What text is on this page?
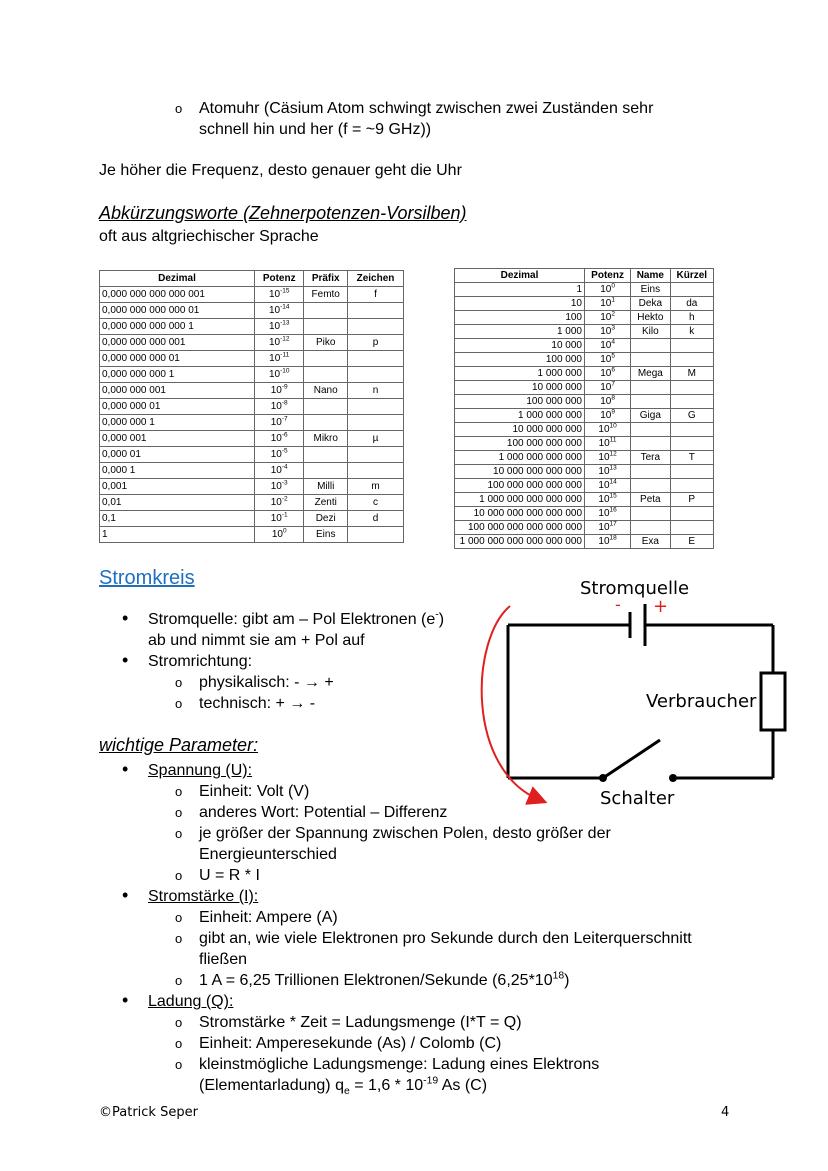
o Atomuhr (Cäsium Atom schwingt zwischen zwei Zuständen sehr
schnell hin und her (f = ~9 GHz))
Je höher die Frequenz, desto genauer geht die Uhr
Abkürzungsworte (Zehnerpotenzen-Vorsilben)
oft aus altgriechischer Sprache
Dezimal	Potenz	Präfix	Zeichen
0,000 000 000 000 001	$10^{-15}$	Femto	f
0,000 000 000 000 01	$10^{-14}$		
0,000 000 000 000 1	$10^{-13}$		
0,000 000 000 001	$10^{-12}$	Piko	p
0,000 000 000 01	$10^{-11}$		
0,000 000 000 1	$10^{-10}$		
0,000 000 001	$10^{-9}$	Nano	n
0,000 000 01	$10^{-8}$		
0,000 000 1	$10^{-7}$		
0,000 001	$10^{-6}$	Mikro	µ
0,000 01	$10^{-5}$		
0,000 1	$10^{-4}$		
0,001	$10^{-3}$	Milli	m
0,01	$10^{-2}$	Zenti	c
0,1	$10^{-1}$	Dezi	d
1	$10^0$	Eins	
Dezimal	Potenz	Name	Kürzel
1	$10^0$	Eins	
10	$10^1$	Deka	da
100	$10^2$	Hekto	h
1 000	$10^3$	Kilo	k
10 000	$10^4$		
100 000	$10^5$		
1 000 000	$10^6$	Mega	M
10 000 000	$10^7$		
100 000 000	$10^8$		
1 000 000 000	$10^9$	Giga	G
10 000 000 000	$10^{10}$		
100 000 000 000	$10^{11}$		
1 000 000 000 000	$10^{12}$	Tera	T
10 000 000 000 000	$10^{13}$		
100 000 000 000 000	$10^{14}$		
1 000 000 000 000 000	$10^{15}$	Peta	P
10 000 000 000 000 000	$10^{16}$		
100 000 000 000 000 000	$10^{17}$		
1 000 000 000 000 000 000	$10^{18}$	Exa	E
Stromkreis
• Stromquelle: gibt am – Pol Elektronen (e-)
ab und nimmt sie am + Pol auf
• Stromrichtung:
o physikalisch: - → +
o technisch: + → -
Stromquelle
- +
Verbraucher
Schalter
wichtige Parameter:
• Spannung (U):
o Einheit: Volt (V)
o anderes Wort: Potential – Differenz
o je größer der Spannung zwischen Polen, desto größer der
Energieunterschied
o U = R * I
• Stromstärke (I):
o Einheit: Ampere (A)
o gibt an, wie viele Elektronen pro Sekunde durch den Leiterquerschnitt
fließen
o 1 A = 6,25 Trillionen Elektronen/Sekunde $(6,25*10^{18})$
• Ladung (Q):
o Stromstärke * Zeit = Ladungsmenge (I*T = Q)
o Einheit: Amperesekunde (As) / Colomb (C)
o kleinstmögliche Ladungsmenge: Ladung eines Elektrons
(Elementarladung) $q_e = 1,6 * 10^{-19}$ As (C)
©Patrick Seper	4
